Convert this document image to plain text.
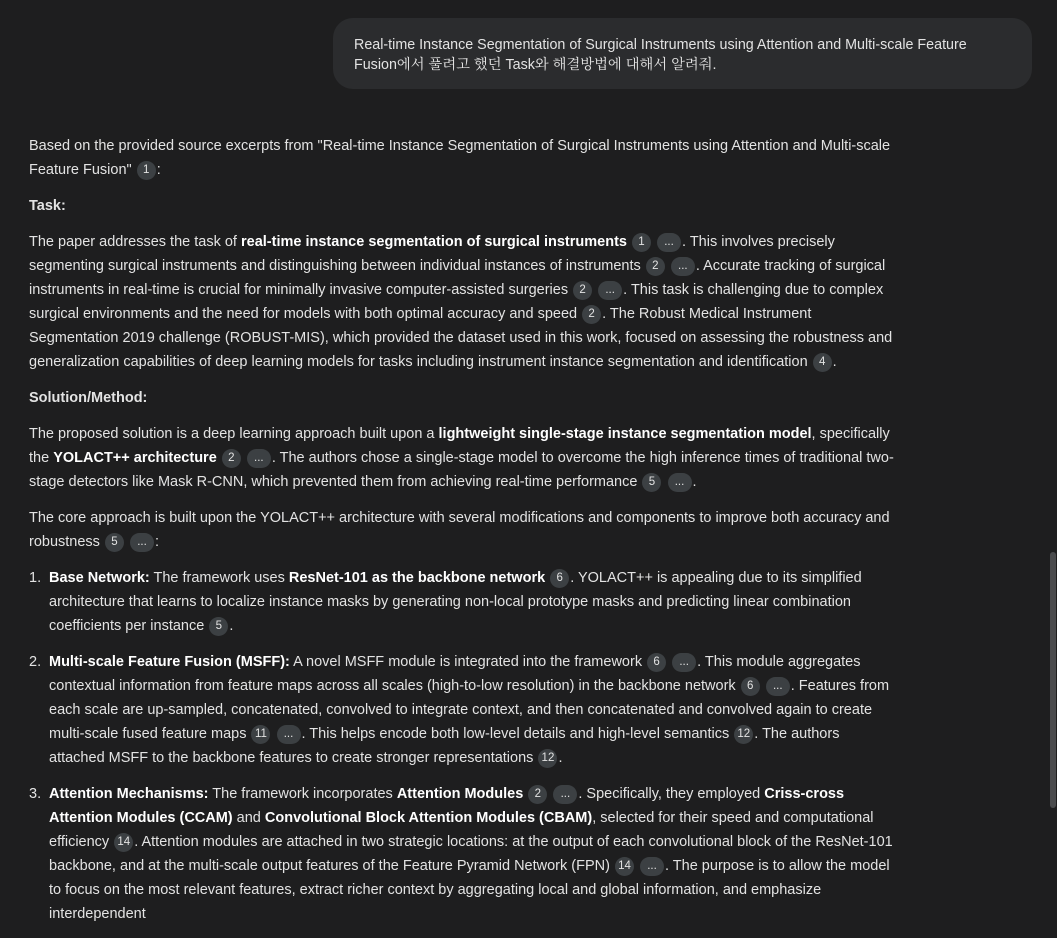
Real-time Instance Segmentation of Surgical Instruments using Attention and Multi-scale Feature Fusion에서 풀려고 했던 Task와 해결방법에 대해서 알려줘.

Based on the provided source excerpts from "Real-time Instance Segmentation of Surgical Instruments using Attention and Multi-scale Feature Fusion" 1 :

Task:

The paper addresses the task of real-time instance segmentation of surgical instruments 1 ... . This involves precisely segmenting surgical instruments and distinguishing between individual instances of instruments 2 ... . Accurate tracking of surgical instruments in real-time is crucial for minimally invasive computer-assisted surgeries 2 ... . This task is challenging due to complex surgical environments and the need for models with both optimal accuracy and speed 2 . The Robust Medical Instrument Segmentation 2019 challenge (ROBUST-MIS), which provided the dataset used in this work, focused on assessing the robustness and generalization capabilities of deep learning models for tasks including instrument instance segmentation and identification 4 .

Solution/Method:

The proposed solution is a deep learning approach built upon a lightweight single-stage instance segmentation model, specifically the YOLACT++ architecture 2 ... . The authors chose a single-stage model to overcome the high inference times of traditional two-stage detectors like Mask R-CNN, which prevented them from achieving real-time performance 5 ... .

The core approach is built upon the YOLACT++ architecture with several modifications and components to improve both accuracy and robustness 5 ... :

1. Base Network: The framework uses ResNet-101 as the backbone network 6 . YOLACT++ is appealing due to its simplified architecture that learns to localize instance masks by generating non-local prototype masks and predicting linear combination coefficients per instance 5 .
2. Multi-scale Feature Fusion (MSFF): A novel MSFF module is integrated into the framework 6 ... . This module aggregates contextual information from feature maps across all scales (high-to-low resolution) in the backbone network 6 ... . Features from each scale are up-sampled, concatenated, convolved to integrate context, and then concatenated and convolved again to create multi-scale fused feature maps 11 ... . This helps encode both low-level details and high-level semantics 12 . The authors attached MSFF to the backbone features to create stronger representations 12 .
3. Attention Mechanisms: The framework incorporates Attention Modules 2 ... . Specifically, they employed Criss-cross Attention Modules (CCAM) and Convolutional Block Attention Modules (CBAM), selected for their speed and computational efficiency 14 . Attention modules are attached in two strategic locations: at the output of each convolutional block of the ResNet-101 backbone, and at the multi-scale output features of the Feature Pyramid Network (FPN) 14 ... . The purpose is to allow the model to focus on the most relevant features, extract richer context by aggregating local and global information, and emphasize interdependent
